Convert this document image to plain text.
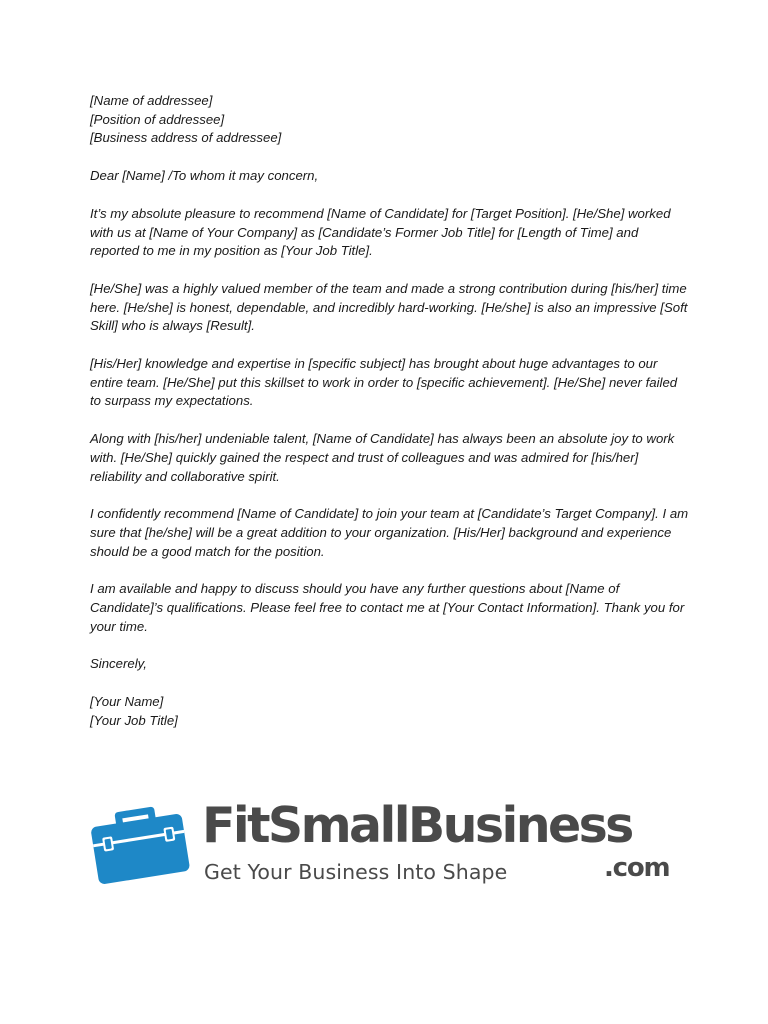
[Name of addressee]
[Position of addressee]
[Business address of addressee]

Dear [Name] /To whom it may concern,

It’s my absolute pleasure to recommend [Name of Candidate] for [Target Position]. [He/She] worked with us at [Name of Your Company] as [Candidate’s Former Job Title] for [Length of Time] and reported to me in my position as [Your Job Title].

[He/She] was a highly valued member of the team and made a strong contribution during [his/her] time here. [He/she] is honest, dependable, and incredibly hard-working. [He/she] is also an impressive [Soft Skill] who is always [Result].

[His/Her] knowledge and expertise in [specific subject] has brought about huge advantages to our entire team. [He/She] put this skillset to work in order to [specific achievement]. [He/She] never failed to surpass my expectations.

Along with [his/her] undeniable talent, [Name of Candidate] has always been an absolute joy to work with. [He/She] quickly gained the respect and trust of colleagues and was admired for [his/her] reliability and collaborative spirit.

I confidently recommend [Name of Candidate] to join your team at [Candidate’s Target Company]. I am sure that [he/she] will be a great addition to your organization. [His/Her] background and experience should be a good match for the position.

I am available and happy to discuss should you have any further questions about [Name of Candidate]’s qualifications. Please feel free to contact me at [Your Contact Information]. Thank you for your time.

Sincerely,

[Your Name]
[Your Job Title]

FitSmallBusiness
Get Your Business Into Shape	.com
